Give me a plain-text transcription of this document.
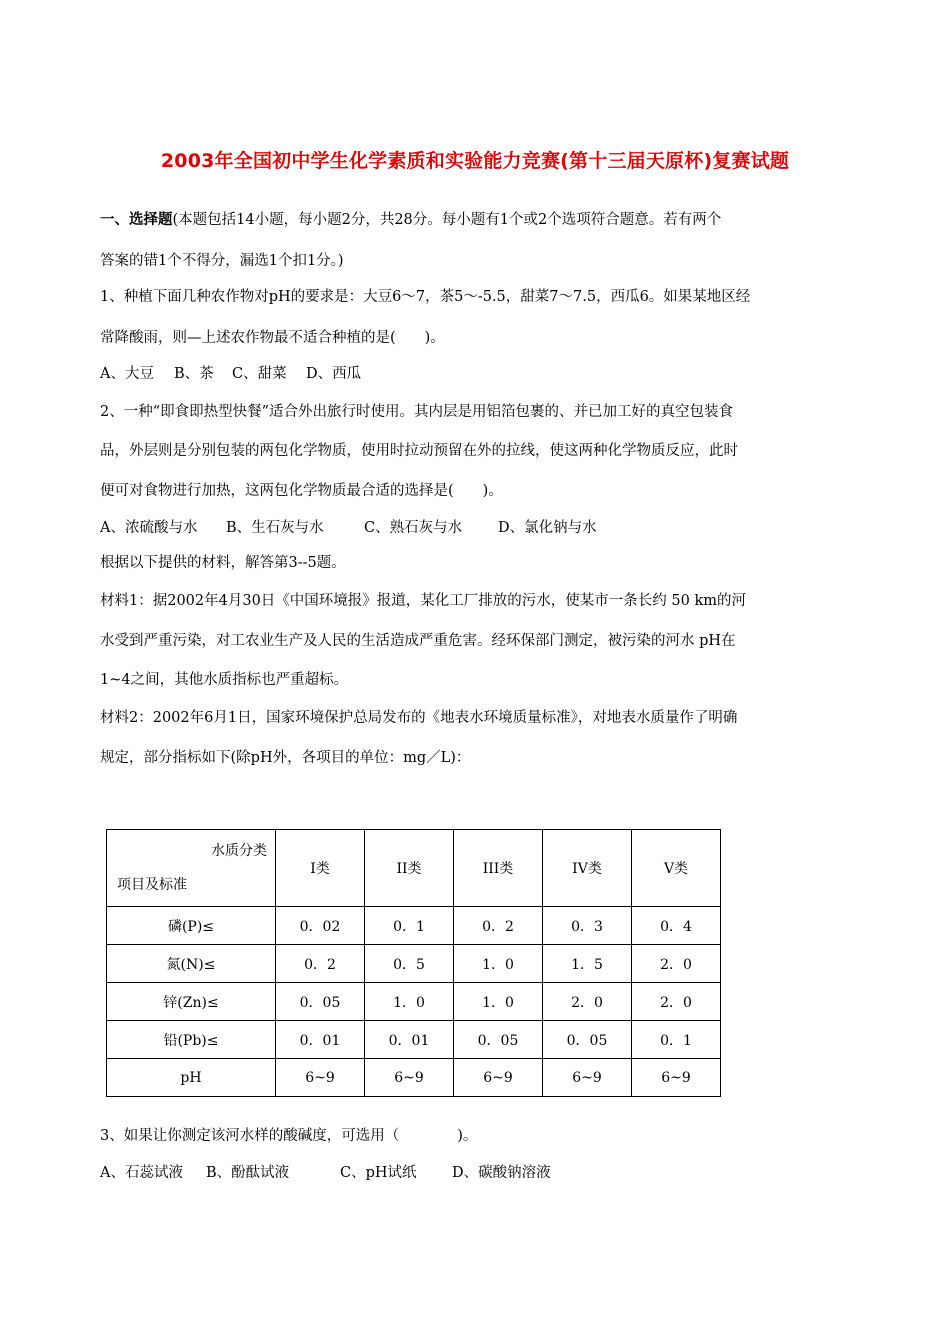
2003年全国初中学生化学素质和实验能力竞赛(第十三届天原杯)复赛试题
一、选择题(本题包括14小题，每小题2分，共28分。每小题有1个或2个选项符合题意。若有两个
答案的错1个不得分，漏选1个扣1分。)
1、种植下面几种农作物对pH的要求是：大豆6～7，茶5～-5.5，甜菜7～7.5，西瓜6。如果某地区经
常降酸雨，则—上述农作物最不适合种植的是(　　)。
A、大豆 B、茶 C、甜菜 D、西瓜
2、一种“即食即热型快餐”适合外出旅行时使用。其内层是用铝箔包裹的、并已加工好的真空包装食
品，外层则是分别包装的两包化学物质，使用时拉动预留在外的拉线，使这两种化学物质反应，此时
便可对食物进行加热，这两包化学物质最合适的选择是(　　)。
A、浓硫酸与水 B、生石灰与水	C、熟石灰与水 D、氯化钠与水
根据以下提供的材料，解答第3--5题。
材料1：据2002年4月30日《中国环境报》报道，某化工厂排放的污水，使某市一条长约 50 km的河
水受到严重污染，对工农业生产及人民的生活造成严重危害。经环保部门测定，被污染的河水 pH在
1~4之间，其他水质指标也严重超标。
材料2：2002年6月1日，国家环境保护总局发布的《地表水环境质量标准》，对地表水质量作了明确
规定，部分指标如下(除pH外，各项目的单位：mg／L)：
水质分类
项目及标准	I类	II类	III类	IV类	V类
磷(P)≤	0．02	0．1	0．2	0．3	0．4
氮(N)≤	0．2	0．5	1．0	1．5	2．0
锌(Zn)≤	0．05	1．0	1．0	2．0	2．0
铅(Pb)≤	0．01	0．01	0．05	0．05	0．1
pH	6~9	6~9	6~9	6~9	6~9
3、如果让你测定该河水样的酸碱度，可选用（　　　　)。
A、石蕊试液 B、酚酞试液	C、pH试纸 D、碳酸钠溶液
